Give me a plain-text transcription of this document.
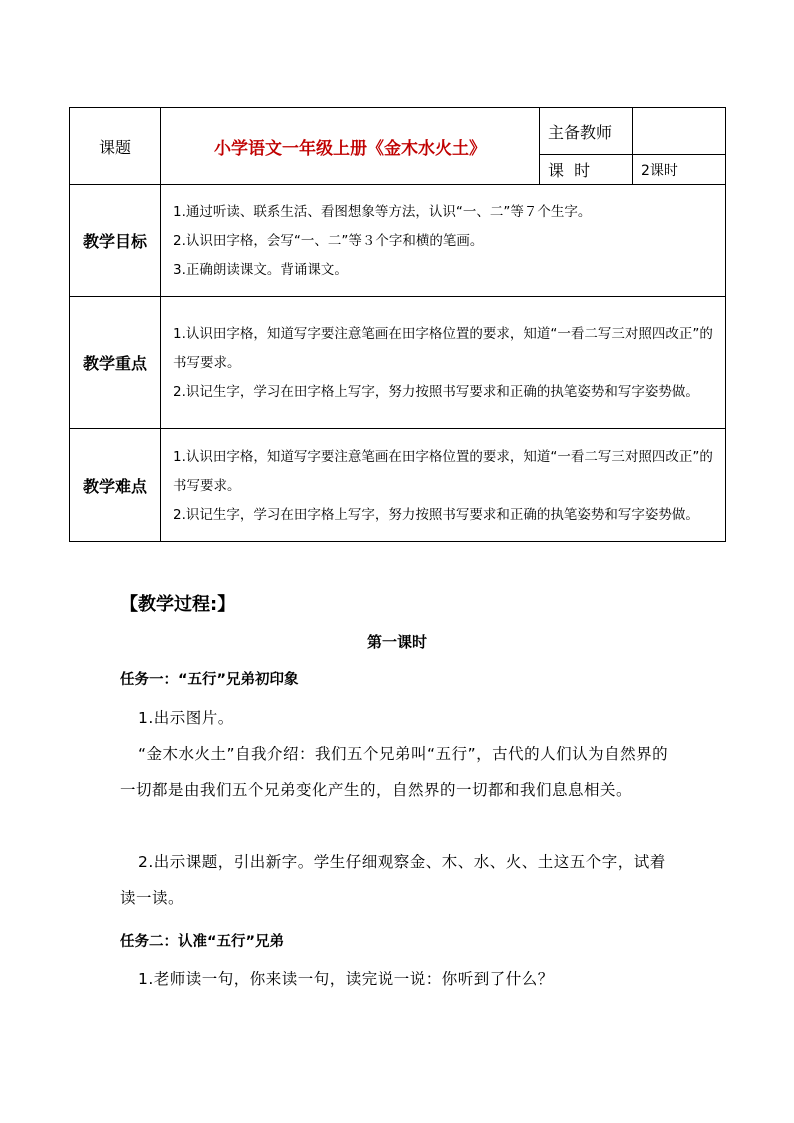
课题	小学语文一年级上册《金木水火土》	主备教师	
		课  时	2课时
教学目标	1.通过听读、联系生活、看图想象等方法，认识“一、二”等７个生字。
2.认识田字格，会写“一、二”等３个字和横的笔画。
3.正确朗读课文。背诵课文。		

教学重点	1.认识田字格，知道写字要注意笔画在田字格位置的要求，知道“一看二写三对照四改正”的书写要求。
2.识记生字，学习在田字格上写字，努力按照书写要求和正确的执笔姿势和写字姿势做。		

教学难点	1.认识田字格，知道写字要注意笔画在田字格位置的要求，知道“一看二写三对照四改正”的书写要求。
2.识记生字，学习在田字格上写字，努力按照书写要求和正确的执笔姿势和写字姿势做。		
【教学过程:】
第一课时
任务一：“五行”兄弟初印象
1.出示图片。
“金木水火土”自我介绍：我们五个兄弟叫“五行”，古代的人们认为自然界的一切都是由我们五个兄弟变化产生的，自然界的一切都和我们息息相关。
2.出示课题，引出新字。学生仔细观察金、木、水、火、土这五个字，试着读一读。
任务二：认准“五行”兄弟
1.老师读一句，你来读一句，读完说一说：你听到了什么？
